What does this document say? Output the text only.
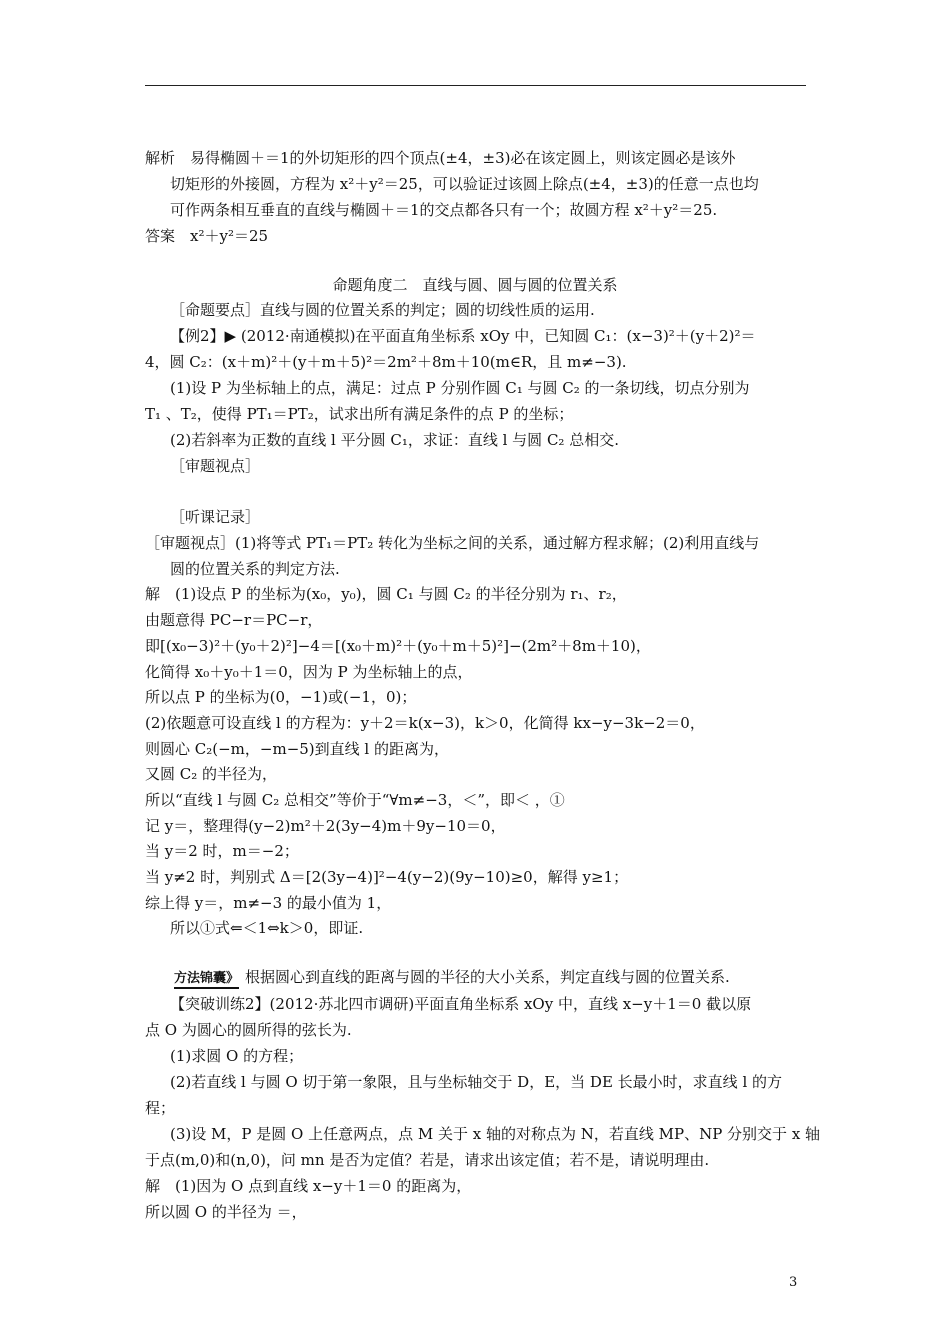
解析　易得椭圆＋＝1的外切矩形的四个顶点(±4，±3)必在该定圆上，则该定圆必是该外
切矩形的外接圆，方程为 x²＋y²＝25，可以验证过该圆上除点(±4，±3)的任意一点也均
可作两条相互垂直的直线与椭圆＋＝1的交点都各只有一个；故圆方程 x²＋y²＝25.
答案　x²＋y²＝25
命题角度二　直线与圆、圆与圆的位置关系
［命题要点］直线与圆的位置关系的判定；圆的切线性质的运用.
【例2】▶ (2012·南通模拟)在平面直角坐标系 xOy 中，已知圆 C₁：(x−3)²＋(y＋2)²＝
4，圆 C₂：(x＋m)²＋(y＋m＋5)²＝2m²＋8m＋10(m∈R，且 m≠−3).
(1)设 P 为坐标轴上的点，满足：过点 P 分别作圆 C₁ 与圆 C₂ 的一条切线，切点分别为
T₁ 、T₂，使得 PT₁＝PT₂，试求出所有满足条件的点 P 的坐标；
(2)若斜率为正数的直线 l 平分圆 C₁，求证：直线 l 与圆 C₂ 总相交.
［审题视点］
［听课记录］
［审题视点］(1)将等式 PT₁＝PT₂ 转化为坐标之间的关系，通过解方程求解；(2)利用直线与
圆的位置关系的判定方法.
解　(1)设点 P 的坐标为(x₀，y₀)，圆 C₁ 与圆 C₂ 的半径分别为 r₁、r₂，
由题意得 PC−r＝PC−r，
即[(x₀−3)²＋(y₀＋2)²]−4＝[(x₀＋m)²＋(y₀＋m＋5)²]−(2m²＋8m＋10)，
化简得 x₀＋y₀＋1＝0，因为 P 为坐标轴上的点，
所以点 P 的坐标为(0，−1)或(−1，0)；
(2)依题意可设直线 l 的方程为：y＋2＝k(x−3)，k＞0，化简得 kx−y−3k−2＝0，
则圆心 C₂(−m，−m−5)到直线 l 的距离为，
又圆 C₂ 的半径为，
所以“直线 l 与圆 C₂ 总相交”等价于“∀m≠−3，＜”，即＜ ，①
记 y＝，整理得(y−2)m²＋2(3y−4)m＋9y−10＝0，
当 y＝2 时，m＝−2；
当 y≠2 时，判别式 Δ＝[2(3y−4)]²−4(y−2)(9y−10)≥0，解得 y≥1；
综上得 y＝，m≠−3 的最小值为 1，
所以①式⇐＜1⇔k＞0，即证.
方法锦囊》 根据圆心到直线的距离与圆的半径的大小关系，判定直线与圆的位置关系.
【突破训练2】(2012·苏北四市调研)平面直角坐标系 xOy 中，直线 x−y＋1＝0 截以原
点 O 为圆心的圆所得的弦长为.
(1)求圆 O 的方程；
(2)若直线 l 与圆 O 切于第一象限，且与坐标轴交于 D，E，当 DE 长最小时，求直线 l 的方
程；
(3)设 M，P 是圆 O 上任意两点，点 M 关于 x 轴的对称点为 N，若直线 MP、NP 分别交于 x 轴
于点(m,0)和(n,0)，问 mn 是否为定值？若是，请求出该定值；若不是，请说明理由.
解　(1)因为 O 点到直线 x−y＋1＝0 的距离为，
所以圆 O 的半径为 ＝，
3
